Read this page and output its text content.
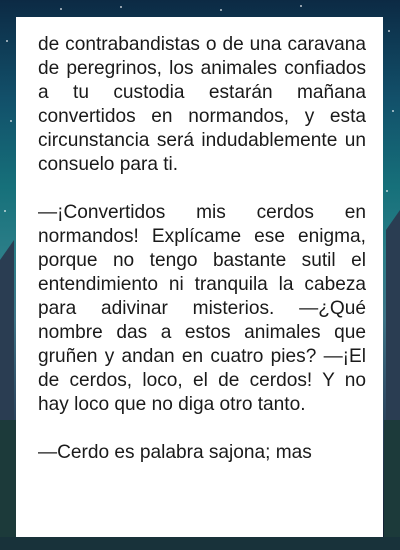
de contrabandistas o de una caravana de peregrinos, los animales confiados a tu custodia estarán mañana convertidos en normandos, y esta circunstancia será indudablemente un consuelo para ti.

—¡Convertidos mis cerdos en normandos! Explícame ese enigma, porque no tengo bastante sutil el entendimiento ni tranquila la cabeza para adivinar misterios. —¿Qué nombre das a estos animales que gruñen y andan en cuatro pies? —¡El de cerdos, loco, el de cerdos! Y no hay loco que no diga otro tanto.

—Cerdo es palabra sajona; mas
